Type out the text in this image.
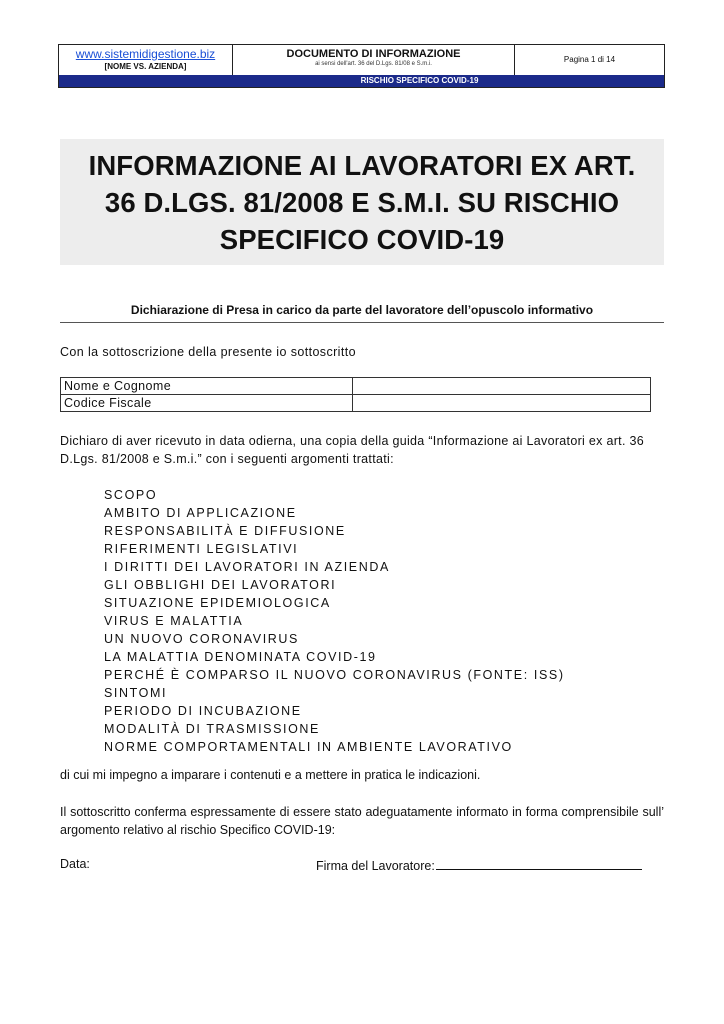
www.sistemidigestione.biz
[NOME VS. AZIENDA]
DOCUMENTO DI INFORMAZIONE
ai sensi dell'art. 36 del D.Lgs. 81/08 e S.m.i.	Pagina 1 di 14
RISCHIO SPECIFICO COVID-19
INFORMAZIONE AI LAVORATORI EX ART.
36 D.LGS. 81/2008 E S.M.I. SU RISCHIO
SPECIFICO COVID-19
Dichiarazione di Presa in carico da parte del lavoratore dell’opuscolo informativo
Con la sottoscrizione della presente io sottoscritto
Nome e Cognome	
Codice Fiscale	
Dichiaro di aver ricevuto in data odierna, una copia della guida “Informazione ai Lavoratori ex art. 36 D.Lgs. 81/2008 e S.m.i.” con i seguenti argomenti trattati:
SCOPO
AMBITO DI APPLICAZIONE
RESPONSABILITÀ E DIFFUSIONE
RIFERIMENTI LEGISLATIVI
I DIRITTI DEI LAVORATORI IN AZIENDA
GLI OBBLIGHI DEI LAVORATORI
SITUAZIONE EPIDEMIOLOGICA
VIRUS E MALATTIA
UN NUOVO CORONAVIRUS
LA MALATTIA DENOMINATA COVID-19
PERCHÉ È COMPARSO IL NUOVO CORONAVIRUS (FONTE: ISS)
SINTOMI
PERIODO DI INCUBAZIONE
MODALITÀ DI TRASMISSIONE
NORME COMPORTAMENTALI IN AMBIENTE LAVORATIVO
di cui mi impegno a imparare i contenuti e a mettere in pratica le indicazioni.
Il sottoscritto conferma espressamente di essere stato adeguatamente informato in forma comprensibile sull’ argomento relativo al rischio Specifico COVID-19:
Data:	Firma del Lavoratore:
